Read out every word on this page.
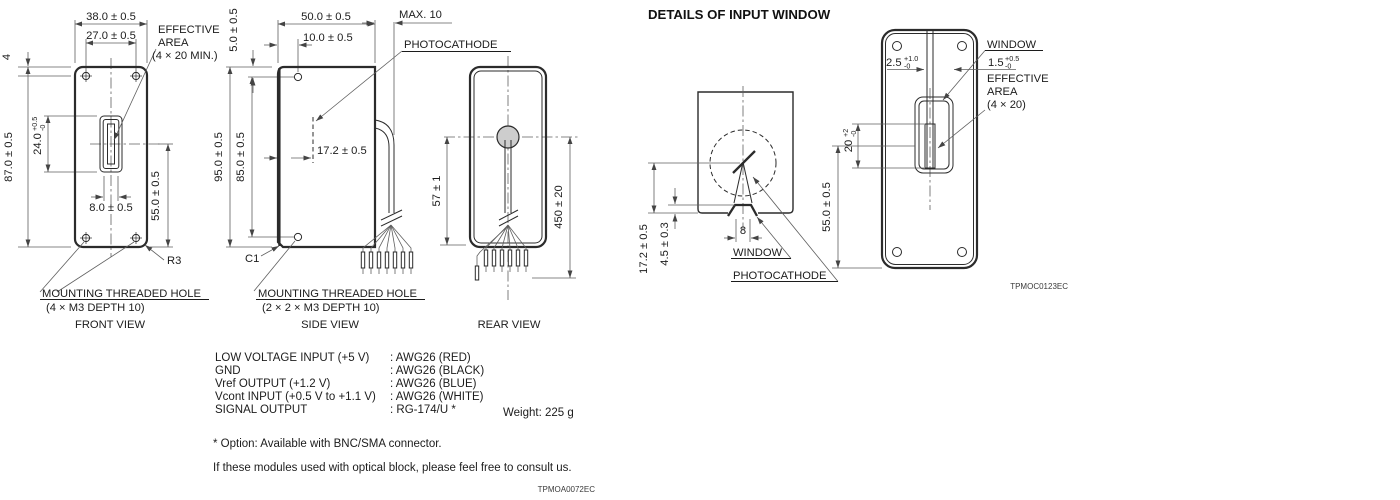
38.0 ± 0.5
27.0 ± 0.5 EFFECTIVE
AREA
(4 × 20 MIN.)
4
87.0 ± 0.5 24.0
+0.5 -0
8.0 ± 0.5 55.0 ± 0.5
R3
MOUNTING THREADED HOLE
(4 × M3 DEPTH 10)
FRONT VIEW
50.0 ± 0.5
10.0 ± 0.5
MAX. 10
PHOTOCATHODE
5.0 ± 0.5
95.0 ± 0.5 85.0 ± 0.5	17.2 ± 0.5
C1
MOUNTING THREADED HOLE
(2 × 2 × M3 DEPTH 10)
SIDE VIEW
57 ± 1	450 ± 20
REAR VIEW
LOW VOLTAGE INPUT (+5 V) : AWG26 (RED)
GND	: AWG26 (BLACK)
Vref OUTPUT (+1.2 V)	: AWG26 (BLUE)
Vcont INPUT (+0.5 V to +1.1 V) : AWG26 (WHITE)
SIGNAL OUTPUT	: RG-174/U *	Weight: 225 g
* Option: Available with BNC/SMA connector.
If these modules used with optical block, please feel free to consult us.
TPMOA0072EC
DETAILS OF INPUT WINDOW
17.2 ± 0.5 4.5 ± 0.3	8
WINDOW
PHOTOCATHODE
2.5 +1.0
-0	1.5 +0.5
-0
WINDOW
EFFECTIVE
AREA
(4 × 20)
20
+2 -0
55.0 ± 0.5
TPMOC0123EC
